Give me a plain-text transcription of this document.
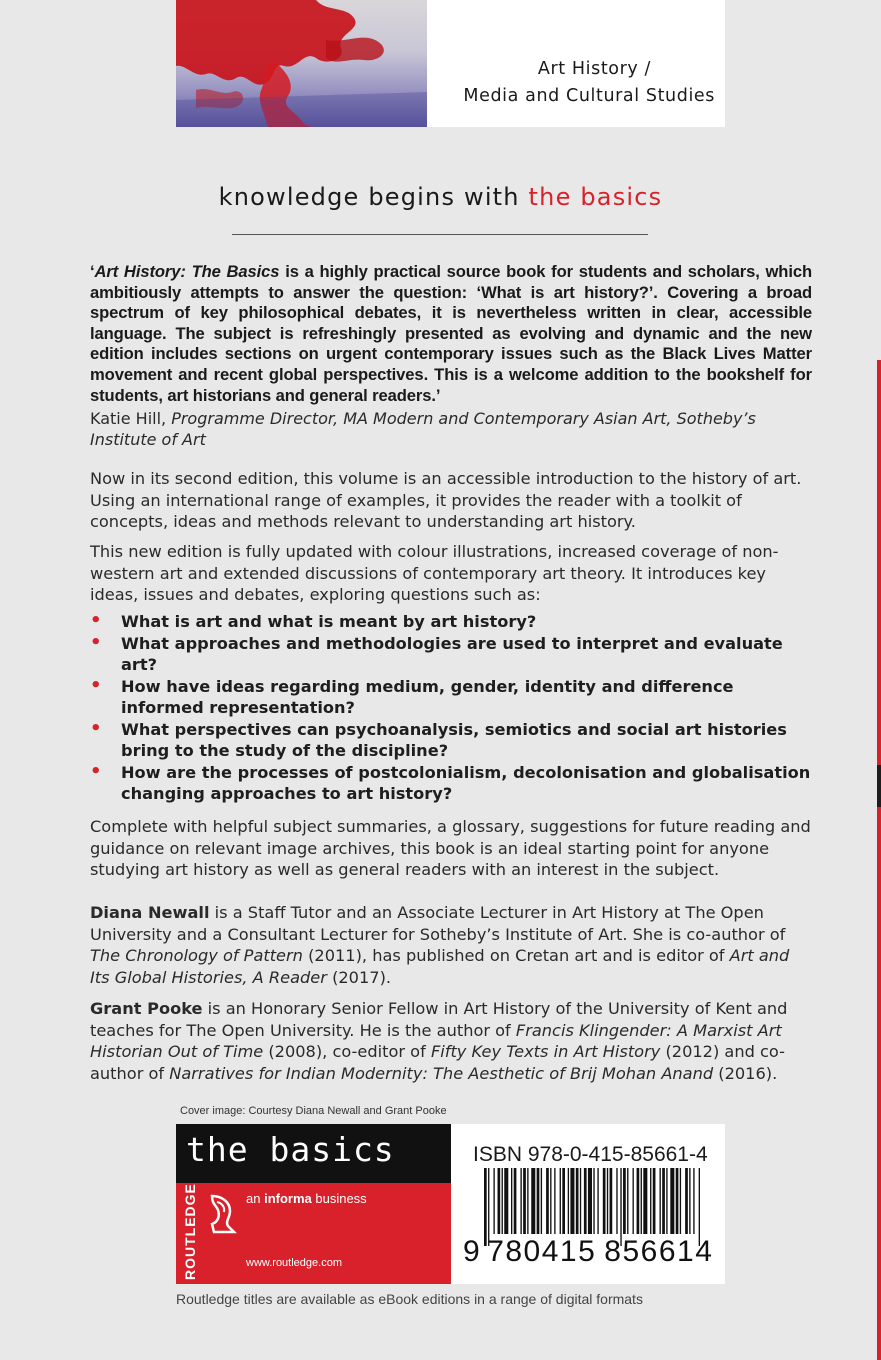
Art History /
Media and Cultural Studies
knowledge begins with the basics
‘Art History: The Basics is a highly practical source book for students and scholars, which ambitiously attempts to answer the question: ‘What is art history?’. Covering a broad spectrum of key philosophical debates, it is nevertheless written in clear, accessible language. The subject is refreshingly presented as evolving and dynamic and the new edition includes sections on urgent contemporary issues such as the Black Lives Matter movement and recent global perspectives. This is a welcome addition to the bookshelf for students, art historians and general readers.’
Katie Hill, Programme Director, MA Modern and Contemporary Asian Art, Sotheby’s Institute of Art
Now in its second edition, this volume is an accessible introduction to the history of art. Using an international range of examples, it provides the reader with a toolkit of concepts, ideas and methods relevant to understanding art history.
This new edition is fully updated with colour illustrations, increased coverage of non-western art and extended discussions of contemporary art theory. It introduces key ideas, issues and debates, exploring questions such as:
• What is art and what is meant by art history?
• What approaches and methodologies are used to interpret and evaluate art?
• How have ideas regarding medium, gender, identity and difference informed representation?
• What perspectives can psychoanalysis, semiotics and social art histories bring to the study of the discipline?
• How are the processes of postcolonialism, decolonisation and globalisation changing approaches to art history?
Complete with helpful subject summaries, a glossary, suggestions for future reading and guidance on relevant image archives, this book is an ideal starting point for anyone studying art history as well as general readers with an interest in the subject.
Diana Newall is a Staff Tutor and an Associate Lecturer in Art History at The Open University and a Consultant Lecturer for Sotheby’s Institute of Art. She is co-author of The Chronology of Pattern (2011), has published on Cretan art and is editor of Art and Its Global Histories, A Reader (2017).
Grant Pooke is an Honorary Senior Fellow in Art History of the University of Kent and teaches for The Open University. He is the author of Francis Klingender: A Marxist Art Historian Out of Time (2008), co-editor of Fifty Key Texts in Art History (2012) and co-author of Narratives for Indian Modernity: The Aesthetic of Brij Mohan Anand (2016).
Cover image: Courtesy Diana Newall and Grant Pooke
the basics
ROUTLEDGE	an informa business
www.routledge.com
ISBN 978-0-415-85661-4
9 780415 856614
Routledge titles are available as eBook editions in a range of digital formats
